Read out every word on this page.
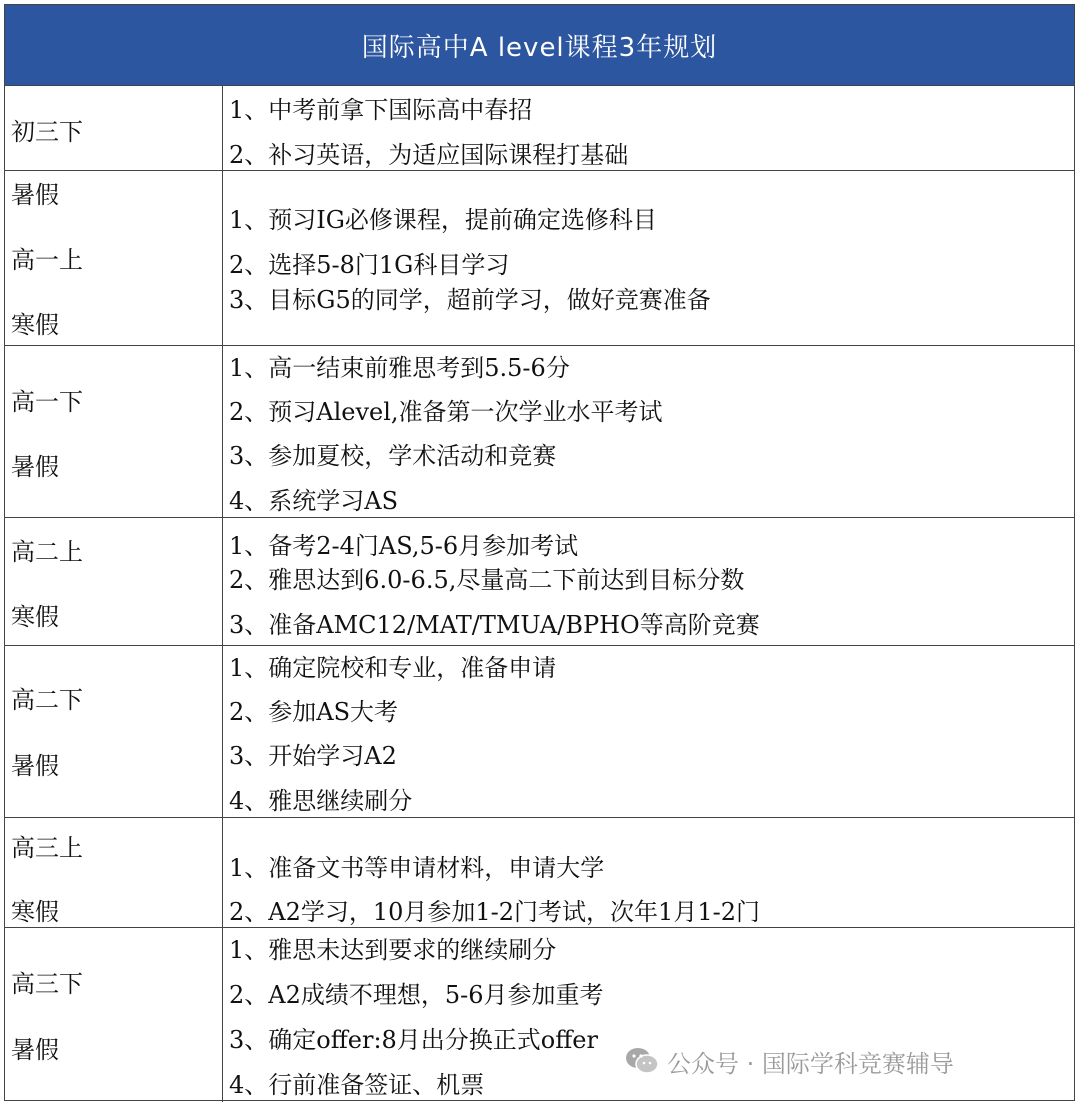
国际高中A level课程3年规划
初三下
1、中考前拿下国际高中春招
2、补习英语，为适应国际课程打基础
暑假
高一上
寒假
1、预习IG必修课程，提前确定选修科目
2、选择5-8门1G科目学习
3、目标G5的同学，超前学习，做好竞赛准备
高一下
暑假
1、高一结束前雅思考到5.5-6分
2、预习Alevel,准备第一次学业水平考试
3、参加夏校，学术活动和竞赛
4、系统学习AS
高二上
寒假
1、备考2-4门AS,5-6月参加考试
2、雅思达到6.0-6.5,尽量高二下前达到目标分数
3、准备AMC12/MAT/TMUA/BPHO等高阶竞赛
高二下
暑假
1、确定院校和专业，准备申请
2、参加AS大考
3、开始学习A2
4、雅思继续刷分
高三上
寒假
1、准备文书等申请材料，申请大学
2、A2学习，10月参加1-2门考试，次年1月1-2门
高三下
暑假
1、雅思未达到要求的继续刷分
2、A2成绩不理想，5-6月参加重考
3、确定offer:8月出分换正式offer
4、行前准备签证、机票
公众号 · 国际学科竞赛辅导
